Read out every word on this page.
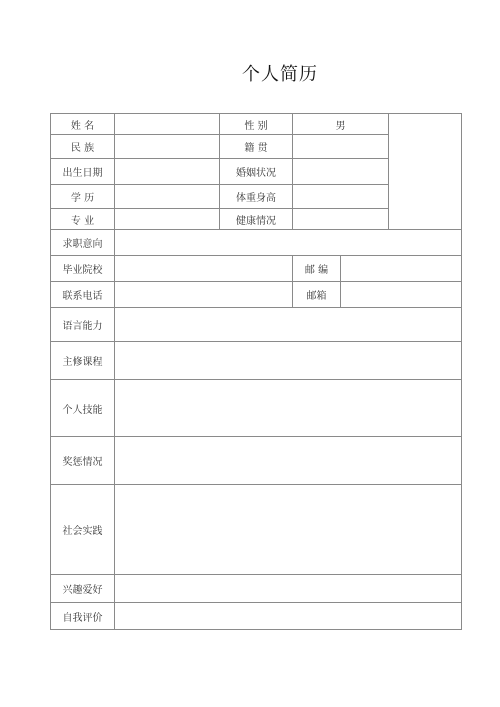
个人简历
姓 名	性 别	男
民 族	籍 贯
出生日期	婚姻状况
学 历	体重身高
专 业	健康情况
求职意向
毕业院校	邮 编
联系电话	邮箱
语言能力
主修课程
个人技能
奖惩情况
社会实践
兴趣爱好
自我评价
